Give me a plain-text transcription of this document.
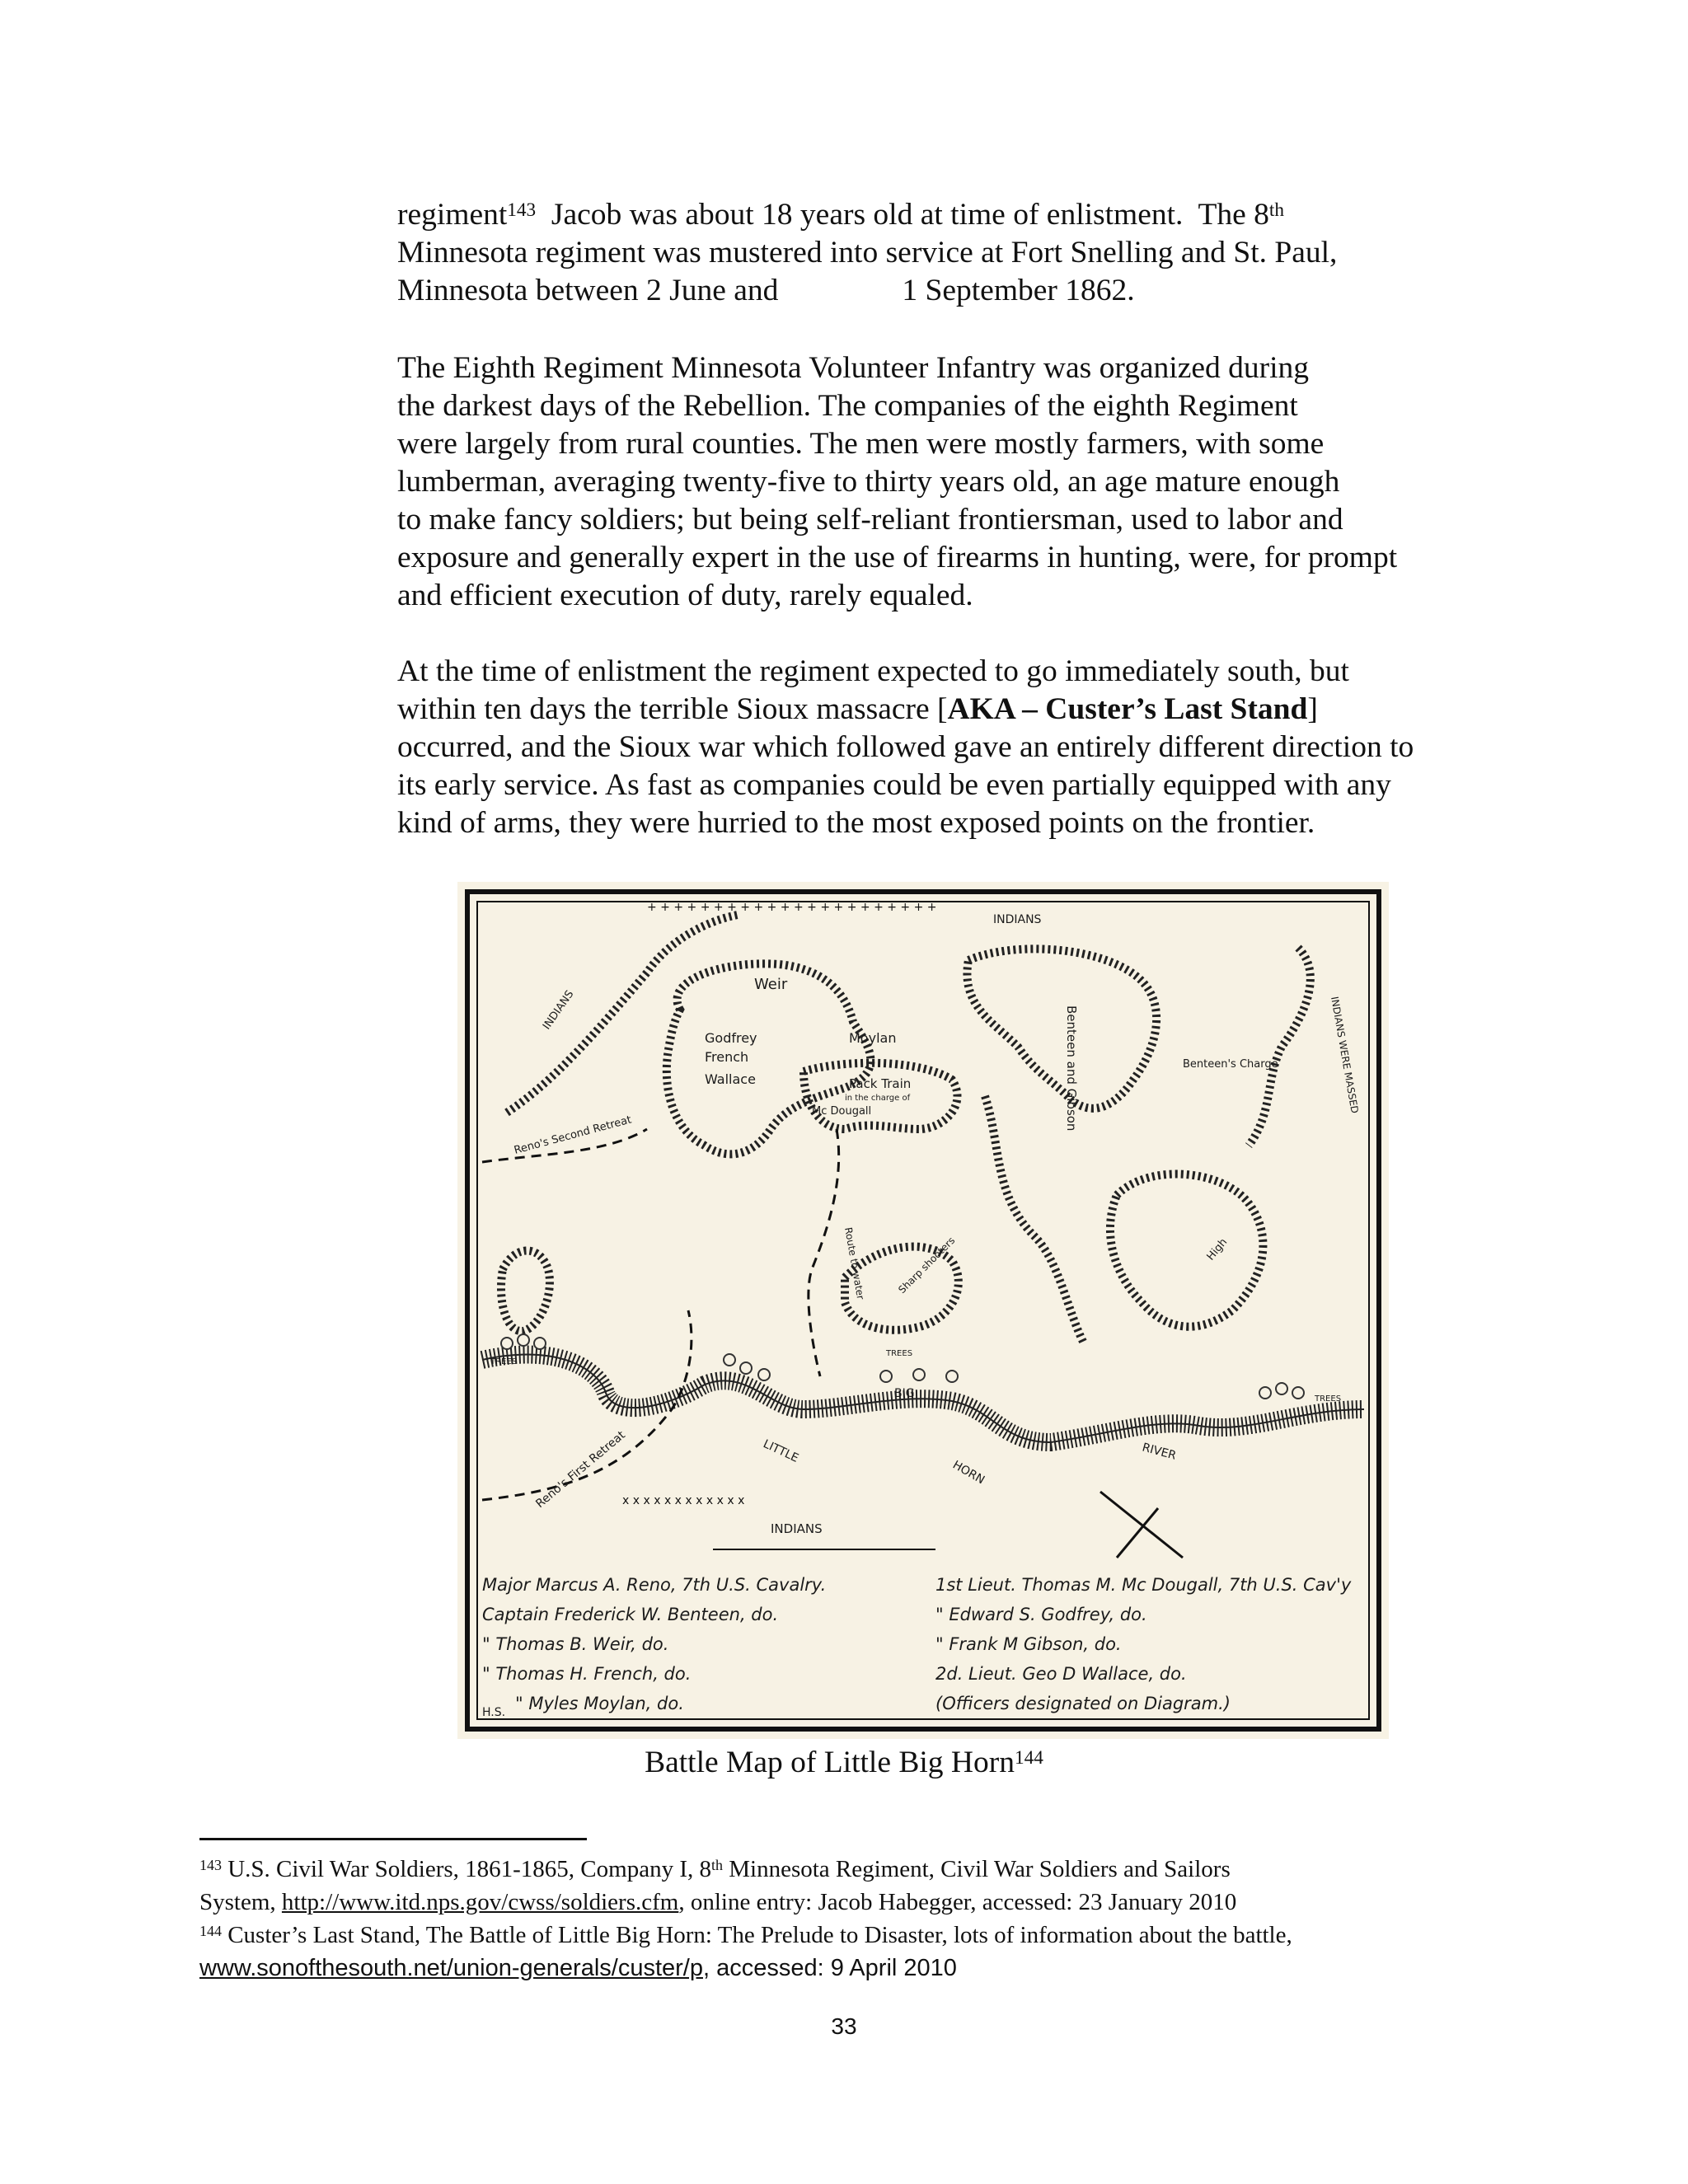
regiment$^{143}$  Jacob was about 18 years old at time of enlistment.  The 8th
Minnesota regiment was mustered into service at Fort Snelling and St. Paul,
Minnesota between 2 June and	1 September 1862.

The Eighth Regiment Minnesota Volunteer Infantry was organized during
the darkest days of the Rebellion. The companies of the eighth Regiment
were largely from rural counties. The men were mostly farmers, with some
lumberman, averaging twenty-five to thirty years old, an age mature enough
to make fancy soldiers; but being self-reliant frontiersman, used to labor and
exposure and generally expert in the use of firearms in hunting, were, for prompt
and efficient execution of duty, rarely equaled.

At the time of enlistment the regiment expected to go immediately south, but
within ten days the terrible Sioux massacre [AKA – Custer’s Last Stand]
occurred, and the Sioux war which followed gave an entirely different direction to
its early service. As fast as companies could be even partially equipped with any
kind of arms, they were hurried to the most exposed points on the frontier.

+ + + + + + + + + + + + + + + + + + + + + +
x x x x x x x x x x x x
INDIANS
INDIANS
INDIANS
INDIANS WERE MASSED
Weir
Godfrey
French
Wallace
Moylan
Pack Train
in the charge of
Mc Dougall	Benteen and Gibson	Benteen's Charge
Reno's Second Retreat
Reno's First Retreat
Sharp shooters
Route to water	High
LITTLE
BIG
HORN
RIVER
TREES
TREES
TREES
Major Marcus A. Reno, 7th U.S. Cavalry.	1st Lieut. Thomas M. Mc Dougall, 7th U.S. Cav'y
Captain Frederick W. Benteen, do.	" Edward S. Godfrey, do.
" Thomas B. Weir, do.	" Frank M Gibson, do.
" Thomas H. French, do.	2d. Lieut. Geo D Wallace, do.
" Myles Moylan, do.	(Officers designated on Diagram.)
H.S.
Battle Map of Little Big Horn$^{144}$

$^{143}$ U.S. Civil War Soldiers, 1861-1865, Company I, 8th Minnesota Regiment, Civil War Soldiers and Sailors
System, http://www.itd.nps.gov/cwss/soldiers.cfm, online entry: Jacob Habegger, accessed: 23 January 2010

$^{144}$ Custer’s Last Stand, The Battle of Little Big Horn: The Prelude to Disaster, lots of information about the battle,
www.sonofthesouth.net/union-generals/custer/p, accessed: 9 April 2010

33
